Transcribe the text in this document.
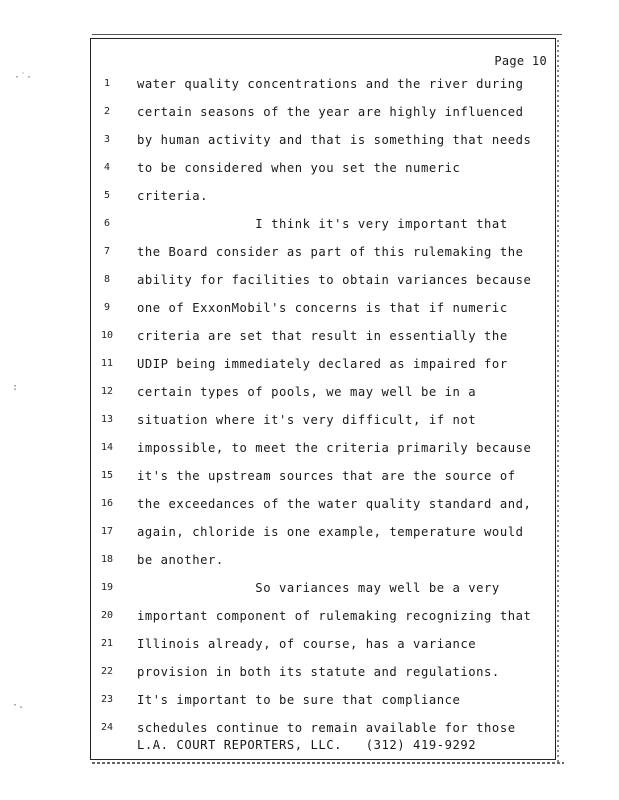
·˙·
:
·.
Page 10
1	water quality concentrations and the river during
2	certain seasons of the year are highly influenced
3	by human activity and that is something that needs
4	to be considered when you set the numeric
5	criteria.
6	I think it's very important that
7	the Board consider as part of this rulemaking the
8	ability for facilities to obtain variances because
9	one of ExxonMobil's concerns is that if numeric
10	criteria are set that result in essentially the
11	UDIP being immediately declared as impaired for
12	certain types of pools, we may well be in a
13	situation where it's very difficult, if not
14	impossible, to meet the criteria primarily because
15	it's the upstream sources that are the source of
16	the exceedances of the water quality standard and,
17	again, chloride is one example, temperature would
18	be another.
19	So variances may well be a very
20	important component of rulemaking recognizing that
21	Illinois already, of course, has a variance
22	provision in both its statute and regulations.
23	It's important to be sure that compliance
24	schedules continue to remain available for those
L.A. COURT REPORTERS, LLC.   (312) 419-9292
